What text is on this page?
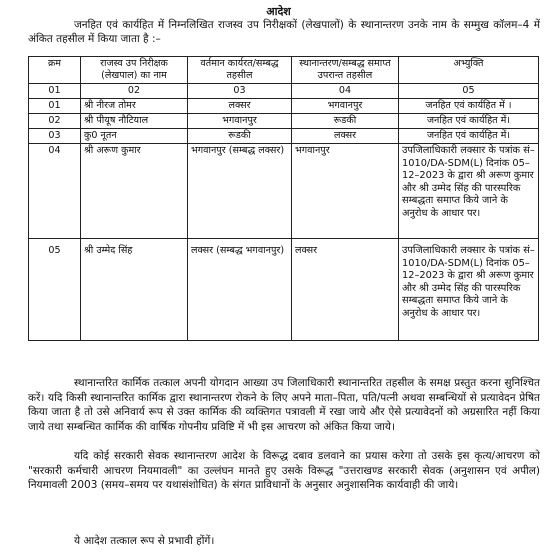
आदेश
जनहित एवं कार्यहित में निम्नलिखित राजस्व उप निरीक्षकों (लेखपालों) के स्थानान्तरण उनके नाम के सम्मुख कॉलम–4 में अंकित तहसील में किया जाता है :–
क्रम	राजस्व उप निरीक्षक (लेखपाल) का नाम	वर्तमान कार्यरत/सम्बद्ध तहसील	स्थानान्तरण/सम्बद्ध समाप्त उपरान्त तहसील	अभ्युक्ति
01	02	03	04	05
01	श्री नीरज तोमर	लक्सर	भगवानपुर	जनहित एवं कार्यहित में ।
02	श्री पीयूष नौटियाल	भगवानपुर	रूडकी	जनहित एवं कार्यहित में।
03	कु0 नूतन	रूडकी	लक्सर	जनहित एवं कार्यहित में।
04	श्री अरूण कुमार	भगवानपुर (सम्बद्ध लक्सर)	भगवानपुर	उपजिलाधिकारी लक्सार के पत्रांक सं–1010/DA-SDM(L) दिनांक 05–12–2023 के द्वारा श्री अरूण कुमार और श्री उम्मेद सिंह की पारस्परिक सम्बद्धता समाप्त किये जाने के अनुरोध के आधार पर।
05	श्री उम्मेद सिंह	लक्सर (सम्बद्ध भगवानपुर)	लक्सर	उपजिलाधिकारी लक्सार के पत्रांक सं–1010/DA-SDM(L) दिनांक 05–12–2023 के द्वारा श्री अरूण कुमार और श्री उम्मेद सिंह की पारस्परिक सम्बद्धता समाप्त किये जाने के अनुरोध के आधार पर।
स्थानान्तरित कार्मिक तत्काल अपनी योगदान आख्या उप जिलाधिकारी स्थानान्तरित तहसील के समक्ष प्रस्तुत करना सुनिश्चित करें। यदि किसी स्थानान्तरित कार्मिक द्वारा स्थानान्तरण रोकने के लिए अपने माता–पिता, पति/पत्नी अथवा सम्बन्धियों से प्रत्यावेदन प्रेषित किया जाता है तो उसे अनिवार्य रूप से उक्त कार्मिक की व्यक्तिगत पत्रावली में रखा जाये और ऐसे प्रत्यावेदनों को अग्रसारित नहीं किया जाये तथा सम्बन्धित कार्मिक की वार्षिक गोपनीय प्रविष्टि में भी इस आचरण को अंकित किया जाये।
यदि कोई सरकारी सेवक स्थानान्तरण आदेश के विरूद्ध दबाव डलवाने का प्रयास करेगा तो उसके इस कृत्य/आचरण को "सरकारी कर्मचारी आचरण नियमावली" का उल्लंघन मानते हुए उसके विरूद्ध "उत्तराखण्ड सरकारी सेवक (अनुशासन एवं अपील) नियमावली 2003 (समय–समय पर यथासंशोधित) के संगत प्राविधानों के अनुसार अनुशासनिक कार्यवाही की जाये।
ये आदेश तत्काल रूप से प्रभावी होंगें।
